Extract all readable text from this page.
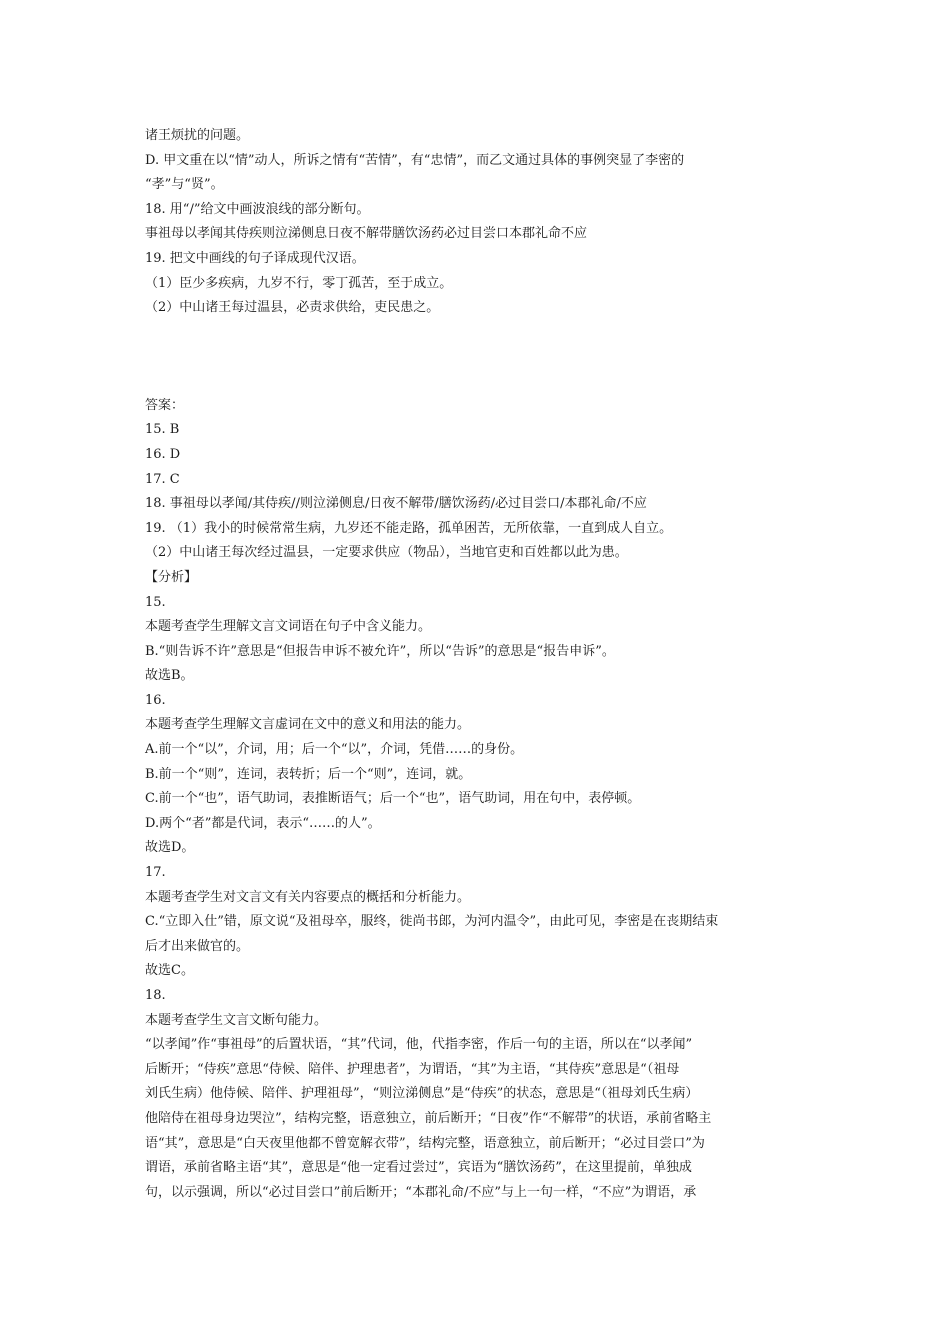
诸王烦扰的问题。
D. 甲文重在以“情”动人，所诉之情有“苦情”，有“忠情”，而乙文通过具体的事例突显了李密的
“孝”与“贤”。
18. 用“/”给文中画波浪线的部分断句。
事祖母以孝闻其侍疾则泣涕侧息日夜不解带膳饮汤药必过目尝口本郡礼命不应
19. 把文中画线的句子译成现代汉语。
（1）臣少多疾病，九岁不行，零丁孤苦，至于成立。
（2）中山诸王每过温县，必责求供给，吏民患之。
答案：
15. B
16. D
17. C
18. 事祖母以孝闻/其侍疾//则泣涕侧息/日夜不解带/膳饮汤药/必过目尝口/本郡礼命/不应
19. （1）我小的时候常常生病，九岁还不能走路，孤单困苦，无所依靠，一直到成人自立。
（2）中山诸王每次经过温县，一定要求供应（物品），当地官吏和百姓都以此为患。
【分析】
15.
本题考查学生理解文言文词语在句子中含义能力。
B.“则告诉不许”意思是“但报告申诉不被允许”，所以“告诉”的意思是“报告申诉”。
故选B。
16.
本题考查学生理解文言虚词在文中的意义和用法的能力。
A.前一个“以”，介词，用；后一个“以”，介词，凭借……的身份。
B.前一个“则”，连词，表转折；后一个“则”，连词，就。
C.前一个“也”，语气助词，表推断语气；后一个“也”，语气助词，用在句中，表停顿。
D.两个“者”都是代词，表示“……的人”。
故选D。
17.
本题考查学生对文言文有关内容要点的概括和分析能力。
C.“立即入仕”错，原文说“及祖母卒，服终，徙尚书郎，为河内温令”，由此可见，李密是在丧期结束
后才出来做官的。
故选C。
18.
本题考查学生文言文断句能力。
“以孝闻”作“事祖母”的后置状语，“其”代词，他，代指李密，作后一句的主语，所以在“以孝闻”
后断开；“侍疾”意思“侍候、陪伴、护理患者”，为谓语，“其”为主语，“其侍疾”意思是“（祖母
刘氏生病）他侍候、陪伴、护理祖母”，“则泣涕侧息”是“侍疾”的状态，意思是“（祖母刘氏生病）
他陪侍在祖母身边哭泣”，结构完整，语意独立，前后断开；“日夜”作“不解带”的状语，承前省略主
语“其”，意思是“白天夜里他都不曾宽解衣带”，结构完整，语意独立，前后断开；“必过目尝口”为
谓语，承前省略主语“其”，意思是“他一定看过尝过”，宾语为“膳饮汤药”，在这里提前，单独成
句，以示强调，所以“必过目尝口”前后断开；“本郡礼命/不应”与上一句一样，“不应”为谓语，承
